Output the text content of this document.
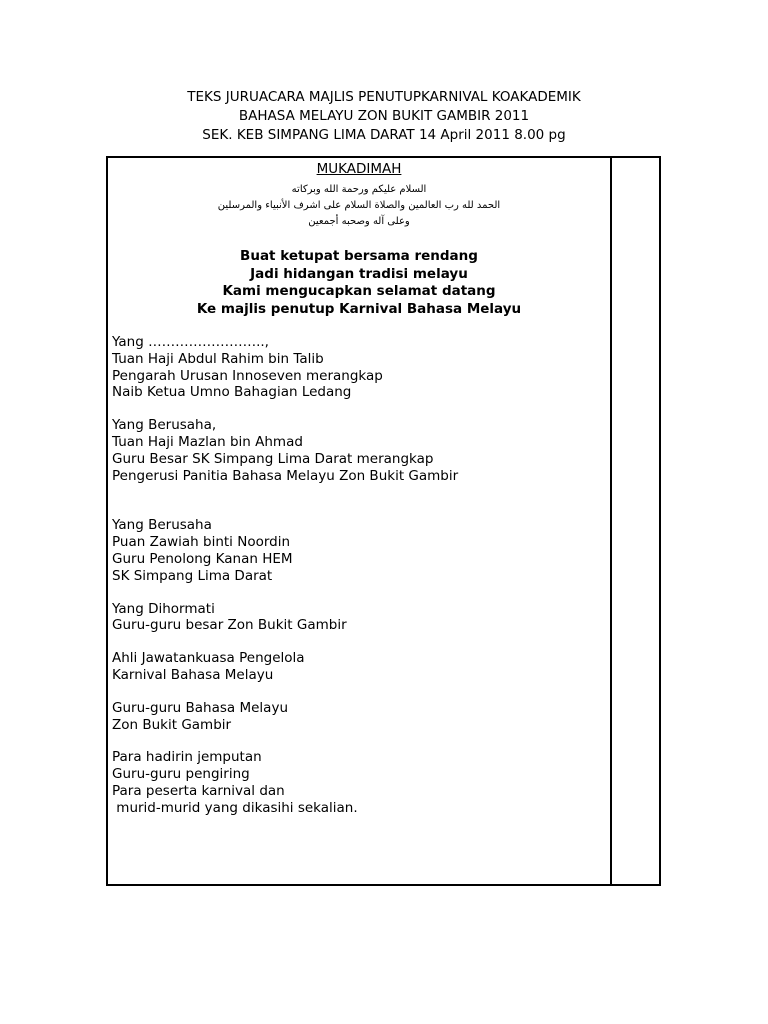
TEKS JURUACARA MAJLIS PENUTUPKARNIVAL KOAKADEMIK
BAHASA MELAYU ZON BUKIT GAMBIR 2011
SEK. KEB SIMPANG LIMA DARAT 14 April 2011 8.00 pg
MUKADIMAH
السلام عليكم ورحمة الله وبركاته
الحمد لله رب العالمين والصلاة السلام على اشرف الأنبياء والمرسلين
وعلى آله وصحبه أجمعين
Buat ketupat bersama rendang
Jadi hidangan tradisi melayu
Kami mengucapkan selamat datang
Ke majlis penutup Karnival Bahasa Melayu
Yang ……………………..,
Tuan Haji Abdul Rahim bin Talib
Pengarah Urusan Innoseven merangkap
Naib Ketua Umno Bahagian Ledang
Yang Berusaha,
Tuan Haji Mazlan bin Ahmad
Guru Besar SK Simpang Lima Darat merangkap
Pengerusi Panitia Bahasa Melayu Zon Bukit Gambir
Yang Berusaha
Puan Zawiah binti Noordin
Guru Penolong Kanan HEM
SK Simpang Lima Darat
Yang Dihormati
Guru-guru besar Zon Bukit Gambir
Ahli Jawatankuasa Pengelola
Karnival Bahasa Melayu
Guru-guru Bahasa Melayu
Zon Bukit Gambir
Para hadirin jemputan
Guru-guru pengiring
Para peserta karnival dan
murid-murid yang dikasihi sekalian.
